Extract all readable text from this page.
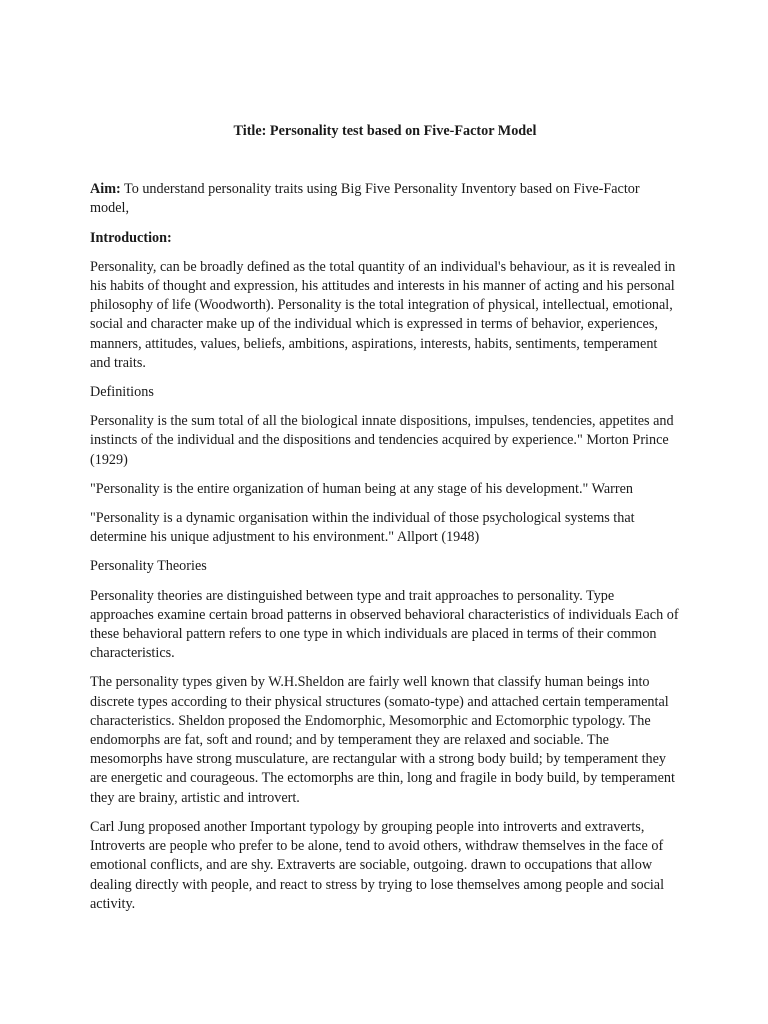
Title: Personality test based on Five-Factor Model

Aim: To understand personality traits using Big Five Personality Inventory based on Five-Factor model,

Introduction:

Personality, can be broadly defined as the total quantity of an individual's behaviour, as it is revealed in his habits of thought and expression, his attitudes and interests in his manner of acting and his personal philosophy of life (Woodworth). Personality is the total integration of physical, intellectual, emotional, social and character make up of the individual which is expressed in terms of behavior, experiences, manners, attitudes, values, beliefs, ambitions, aspirations, interests, habits, sentiments, temperament and traits.

Definitions

Personality is the sum total of all the biological innate dispositions, impulses, tendencies, appetites and instincts of the individual and the dispositions and tendencies acquired by experience." Morton Prince (1929)

"Personality is the entire organization of human being at any stage of his development." Warren

"Personality is a dynamic organisation within the individual of those psychological systems that determine his unique adjustment to his environment." Allport (1948)

Personality Theories

Personality theories are distinguished between type and trait approaches to personality. Type approaches examine certain broad patterns in observed behavioral characteristics of individuals Each of these behavioral pattern refers to one type in which individuals are placed in terms of their common characteristics.

The personality types given by W.H.Sheldon are fairly well known that classify human beings into discrete types according to their physical structures (somato-type) and attached certain temperamental characteristics. Sheldon proposed the Endomorphic, Mesomorphic and Ectomorphic typology. The endomorphs are fat, soft and round; and by temperament they are relaxed and sociable. The mesomorphs have strong musculature, are rectangular with a strong body build; by temperament they are energetic and courageous. The ectomorphs are thin, long and fragile in body build, by temperament they are brainy, artistic and introvert.

Carl Jung proposed another Important typology by grouping people into introverts and extraverts, Introverts are people who prefer to be alone, tend to avoid others, withdraw themselves in the face of emotional conflicts, and are shy. Extraverts are sociable, outgoing. drawn to occupations that allow dealing directly with people, and react to stress by trying to lose themselves among people and social activity.
